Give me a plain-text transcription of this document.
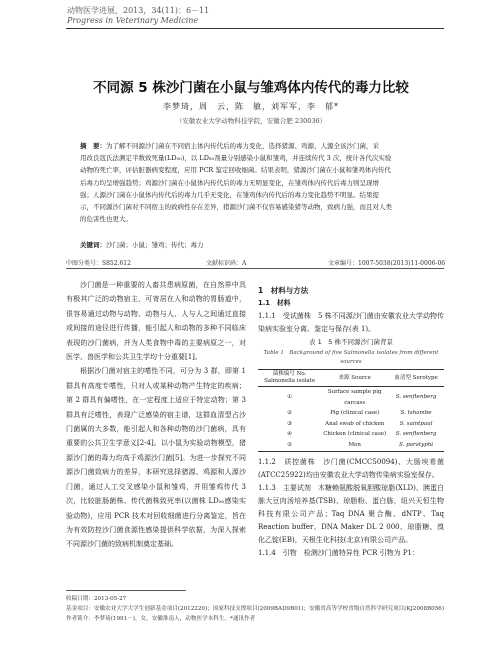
动物医学进展，2013，34(11)：6－11
Progress in Veterinary Medicine
不同源 5 株沙门菌在小鼠与雏鸡体内传代的毒力比较
李梦琦，周　云，陈　敏，刘军军，李　郁*
（安徽农业大学动物科技学院，安徽合肥 230036）
摘　要：为了解不同源沙门菌在不同宿主体内传代后的毒力变化，选择猪源、鸡源、人源全该沙门菌，采
用改良寇氏法测定半数致死量(LD₅₀)，以 LD₅₀剂量分别感染小鼠和雏鸡，并连续传代 3 次，统计各代次实验
动物的死亡率，评估脏器病变程度，应用 PCR 鉴定回收细菌。结果表明，猪源沙门菌在小鼠和雏鸡体内传代
后毒力均呈增强趋势；鸡源沙门菌在小鼠体内传代后的毒力无明显变化，在雏鸡体内传代后毒力则呈现增
强；人源沙门菌在小鼠体内传代后的毒力几乎无变化，在雏鸡体内传代后的毒力变化趋势不明显。结果提
示，不同源沙门菌对不同宿主的致病性存在差异，猪源沙门菌不仅容易感染猪等动物，致病力强，而且对人类
的危害性也更大。
关键词：沙门菌；小鼠；雏鸡；传代；毒力
中图分类号：S852.612	文献标识码：A	文章编号：1007-5038(2013)11-0006-06

沙门菌是一种重要的人畜共患病原菌，在自然界中具有极其广泛的动物宿主，可寄居在人和动物的胃肠道中，很容易通过动物与动物、动物与人、人与人之间通过直接或间接的途径进行传播，能引起人和动物的多种不同临床表现的沙门菌病，并为人类食物中毒的主要病原之一，对医学、兽医学和公共卫生学均十分重要[1]。

根据沙门菌对宿主的嗜性不同，可分为 3 群，即第 1 群具有高度专嗜性，只对人或某种动物产生特定的疾病；第 2 群具有偏嗜性，在一定程度上适应于特定动物；第 3 群具有泛嗜性，表现广泛感染的宿主谱，这群血清型占沙门菌属的大多数，能引起人和各种动物的沙门菌病，具有重要的公共卫生学意义[2-4]。以小鼠为实验动物模型，猪源沙门菌的毒力均高于鸡源沙门菌[5]。为进一步探究不同源沙门菌致病力的差异，本研究选择猪源、鸡源和人源沙门菌，通过人工交叉感染小鼠和雏鸡，并用雏鸡传代 3 次，比较脏肠菌株、传代菌株致死率(以菌株 LD₅₀感染实验动物)，应用 PCR 技术对回收细菌进行分离鉴定，旨在为有效防控沙门菌食源性感染提供科学依据，为深入探索不同源沙门菌的致病机制奠定基础。

1　材料与方法

1.1　材料

1.1.1　受试菌株　5 株不同源沙门菌由安徽农业大学动物传染病实验室分离、鉴定与保存(表 1)。

表 1　5 株不同源沙门菌背景
Table 1　Background of five Salmonella isolates from different sources
菌株编号 No. Salmonella isolate	来源 Source	血清型 Serotype
①	Surface sample pig carcass	S. senftenberg
②	Pig (clinical case)	S. tshambe
③	Anal swab of chicken	S. saintpaul
④	Chicken (clinical case)	S. senftenberg
⑤	Men	S. paratyphi

1.1.2　质控菌株　沙门菌(CMCC50094)、大肠埃希菌(ATCC25922)均由安徽农业大学动物传染病实验室保存。

1.1.3　主要试剂　木糖赖氨酸脱氧胆酸琼脂(XLD)、胰蛋白胨大豆肉汤培养基(TSB)、琼脂粉、蛋白胨，纽兴天恒生物科技有限公司产品；Taq DNA 聚合酶、dNTP、Taq Reaction buffer、DNA Maker DL 2 000、琼脂糖、溴化乙锭(EB)，天根生化科技(北京)有限公司产品。

1.1.4　引物　检测沙门菌特异性 PCR 引物为 P1：

收稿日期：2013-05-27
基金项目：安徽农业大学大学生创新基金项目(2012220)；国家科技支撑项目(2009BAD9B01)；安徽省高等学校省级自然科学研究项目(KJ2008B056)
作者简介：李梦琦(1991－)，女，安徽淮南人，动物医学本科生。*通讯作者
